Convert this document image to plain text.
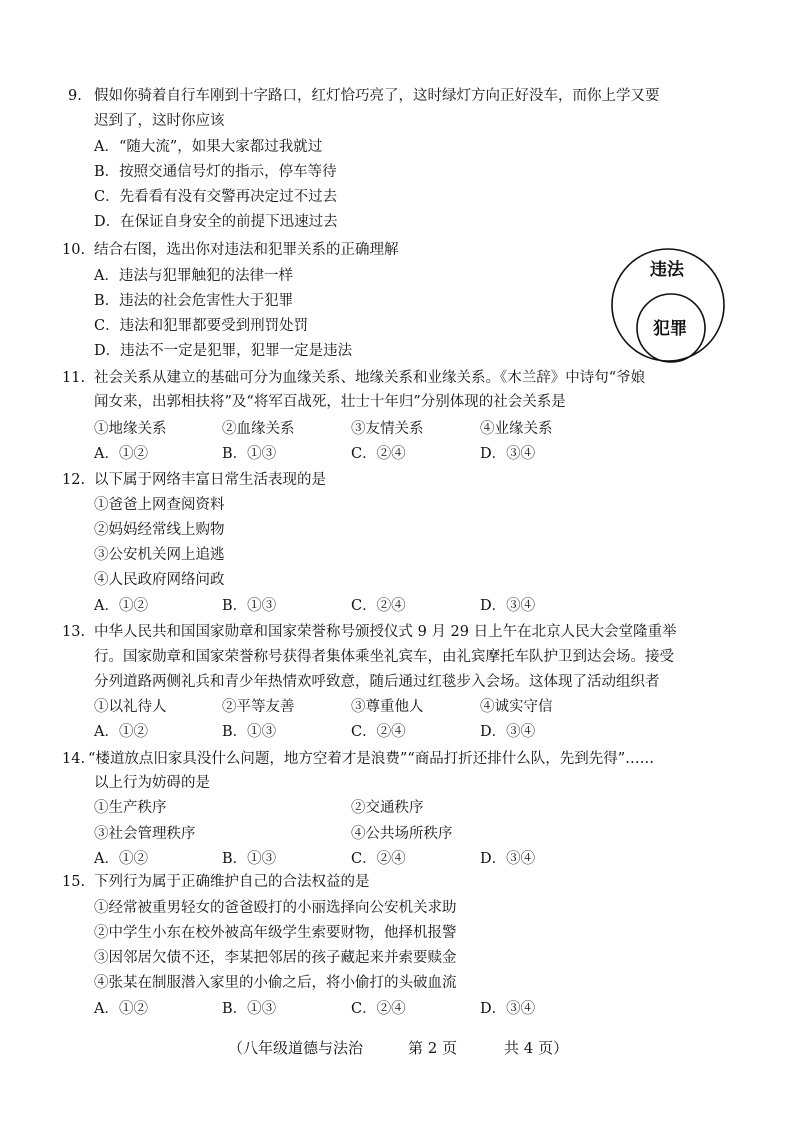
9. 假如你骑着自行车刚到十字路口，红灯恰巧亮了，这时绿灯方向正好没车，而你上学又要
迟到了，这时你应该
A．“随大流”，如果大家都过我就过
B．按照交通信号灯的指示，停车等待
C．先看看有没有交警再决定过不过去
D．在保证自身安全的前提下迅速过去
10. 结合右图，选出你对违法和犯罪关系的正确理解
A．违法与犯罪触犯的法律一样
B．违法的社会危害性大于犯罪
C．违法和犯罪都要受到刑罚处罚
D．违法不一定是犯罪，犯罪一定是违法
违法
犯罪
11. 社会关系从建立的基础可分为血缘关系、地缘关系和业缘关系。《木兰辞》中诗句“爷娘
闻女来，出郭相扶将”及“将军百战死，壮士十年归”分别体现的社会关系是
①地缘关系	②血缘关系	③友情关系	④业缘关系
A．①②	B．①③	C．②④	D．③④
12. 以下属于网络丰富日常生活表现的是
①爸爸上网查阅资料
②妈妈经常线上购物
③公安机关网上追逃
④人民政府网络问政
A．①②	B．①③	C．②④	D．③④
13. 中华人民共和国国家勋章和国家荣誉称号颁授仪式 9 月 29 日上午在北京人民大会堂隆重举
行。国家勋章和国家荣誉称号获得者集体乘坐礼宾车，由礼宾摩托车队护卫到达会场。接受
分列道路两侧礼兵和青少年热情欢呼致意，随后通过红毯步入会场。这体现了活动组织者
①以礼待人	②平等友善	③尊重他人	④诚实守信
A．①②	B．①③	C．②④	D．③④
14. “楼道放点旧家具没什么问题，地方空着才是浪费”“商品打折还排什么队，先到先得”……
以上行为妨碍的是
①生产秩序	②交通秩序
③社会管理秩序	④公共场所秩序
A．①②	B．①③	C．②④	D．③④
15. 下列行为属于正确维护自己的合法权益的是
①经常被重男轻女的爸爸殴打的小丽选择向公安机关求助
②中学生小东在校外被高年级学生索要财物，他择机报警
③因邻居欠债不还，李某把邻居的孩子藏起来并索要赎金
④张某在制服潜入家里的小偷之后，将小偷打的头破血流
A．①②	B．①③	C．②④	D．③④
（八年级道德与法治	第 2 页	共 4 页）
